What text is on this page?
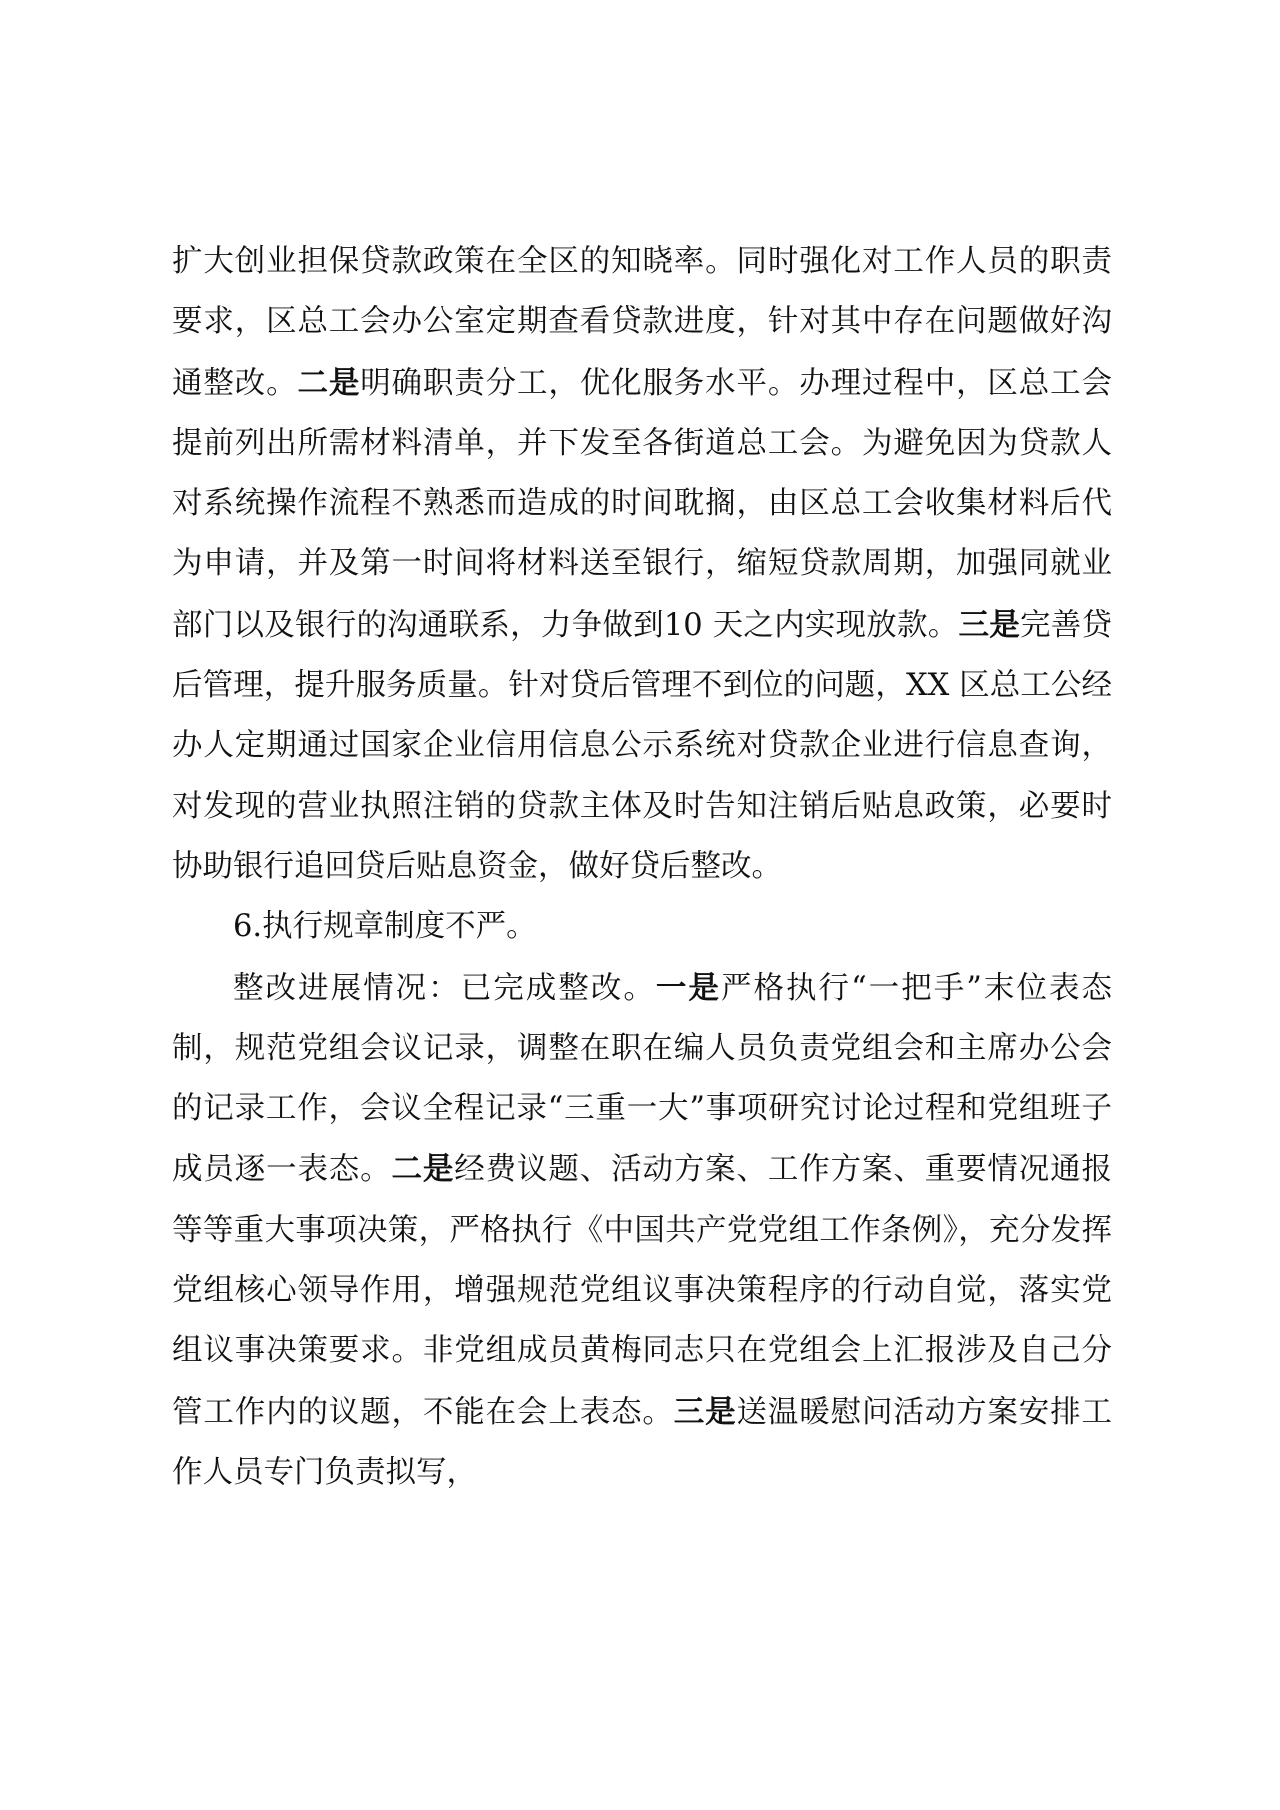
扩大创业担保贷款政策在全区的知晓率。同时强化对工作人员的职责要求，区总工会办公室定期查看贷款进度，针对其中存在问题做好沟通整改。二是明确职责分工，优化服务水平。办理过程中，区总工会提前列出所需材料清单，并下发至各街道总工会。为避免因为贷款人对系统操作流程不熟悉而造成的时间耽搁，由区总工会收集材料后代为申请，并及第一时间将材料送至银行，缩短贷款周期，加强同就业部门以及银行的沟通联系，力争做到10 天之内实现放款。三是完善贷后管理，提升服务质量。针对贷后管理不到位的问题，XX 区总工公经办人定期通过国家企业信用信息公示系统对贷款企业进行信息查询，对发现的营业执照注销的贷款主体及时告知注销后贴息政策，必要时协助银行追回贷后贴息资金，做好贷后整改。

6.执行规章制度不严。

整改进展情况：已完成整改。一是严格执行“一把手”末位表态制，规范党组会议记录，调整在职在编人员负责党组会和主席办公会的记录工作，会议全程记录“三重一大”事项研究讨论过程和党组班子成员逐一表态。二是经费议题、活动方案、工作方案、重要情况通报等等重大事项决策，严格执行《中国共产党党组工作条例》，充分发挥党组核心领导作用，增强规范党组议事决策程序的行动自觉，落实党组议事决策要求。非党组成员黄梅同志只在党组会上汇报涉及自己分管工作内的议题，不能在会上表态。三是送温暖慰问活动方案安排工作人员专门负责拟写，
